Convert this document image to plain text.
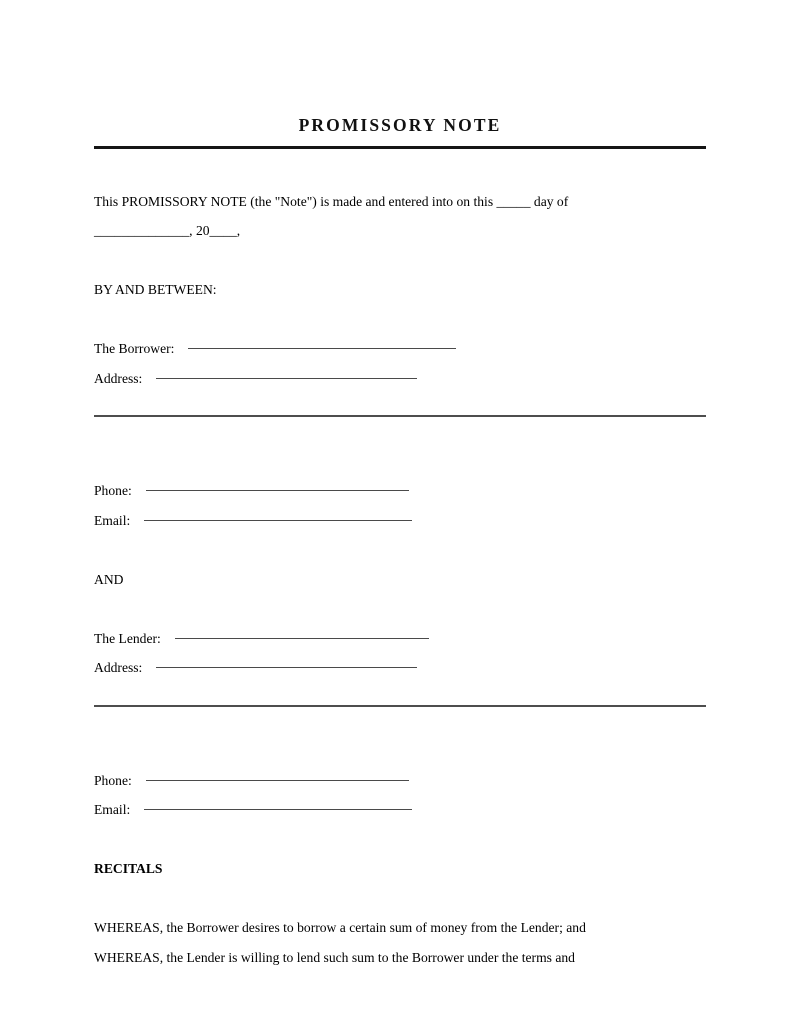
PROMISSORY NOTE

This PROMISSORY NOTE (the "Note") is made and entered into on this _____ day of

______________, 20____,

BY AND BETWEEN:

The Borrower:
Address:
Phone:
Email:

AND

The Lender:
Address:
Phone:
Email:

RECITALS

WHEREAS, the Borrower desires to borrow a certain sum of money from the Lender; and

WHEREAS, the Lender is willing to lend such sum to the Borrower under the terms and
